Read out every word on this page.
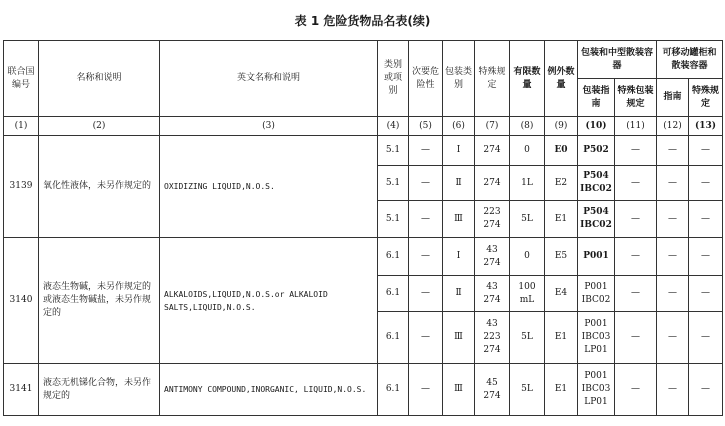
表 1 危险货物品名表(续)
联合国编号	名称和说明	英文名称和说明	类别或项别	次要危险性	包装类别	特殊规定	有限数量	例外数量	包装和中型散装容器		可移动罐柜和散装容器	
									包装指南	特殊包装规定	指南	特殊规定
(1)	(2)	(3)	(4)	(5)	(6)	(7)	(8)	(9)	(10)	(11)	(12)	(13)
3139	氧化性液体，未另作规定的	OXIDIZING LIQUID,N.O.S.	5.1	—	I	274	0	E0	P502	—	—	—
			5.1	—	Ⅱ	274	1L	E2	P504 IBC02	—	—	—
			5.1	—	Ⅲ	223 274	5L	E1	P504 IBC02	—	—	—
3140	液态生物碱，未另作规定的或液态生物碱盐，未另作规定的	ALKALOIDS,LIQUID,N.O.S.or ALKALOID SALTS,LIQUID,N.O.S.	6.1	—	I	43 274	0	E5	P001	—	—	—
			6.1	—	Ⅱ	43 274	100 mL	E4	P001 IBC02	—	—	—
			6.1	—	Ⅲ	43 223 274	5L	E1	P001 IBC03 LP01	—	—	—
3141	液态无机锑化合物，未另作规定的	ANTIMONY COMPOUND,INORGANIC, LIQUID,N.O.S.	6.1	—	Ⅲ	45 274	5L	E1	P001 IBC03 LP01	—	—	—
